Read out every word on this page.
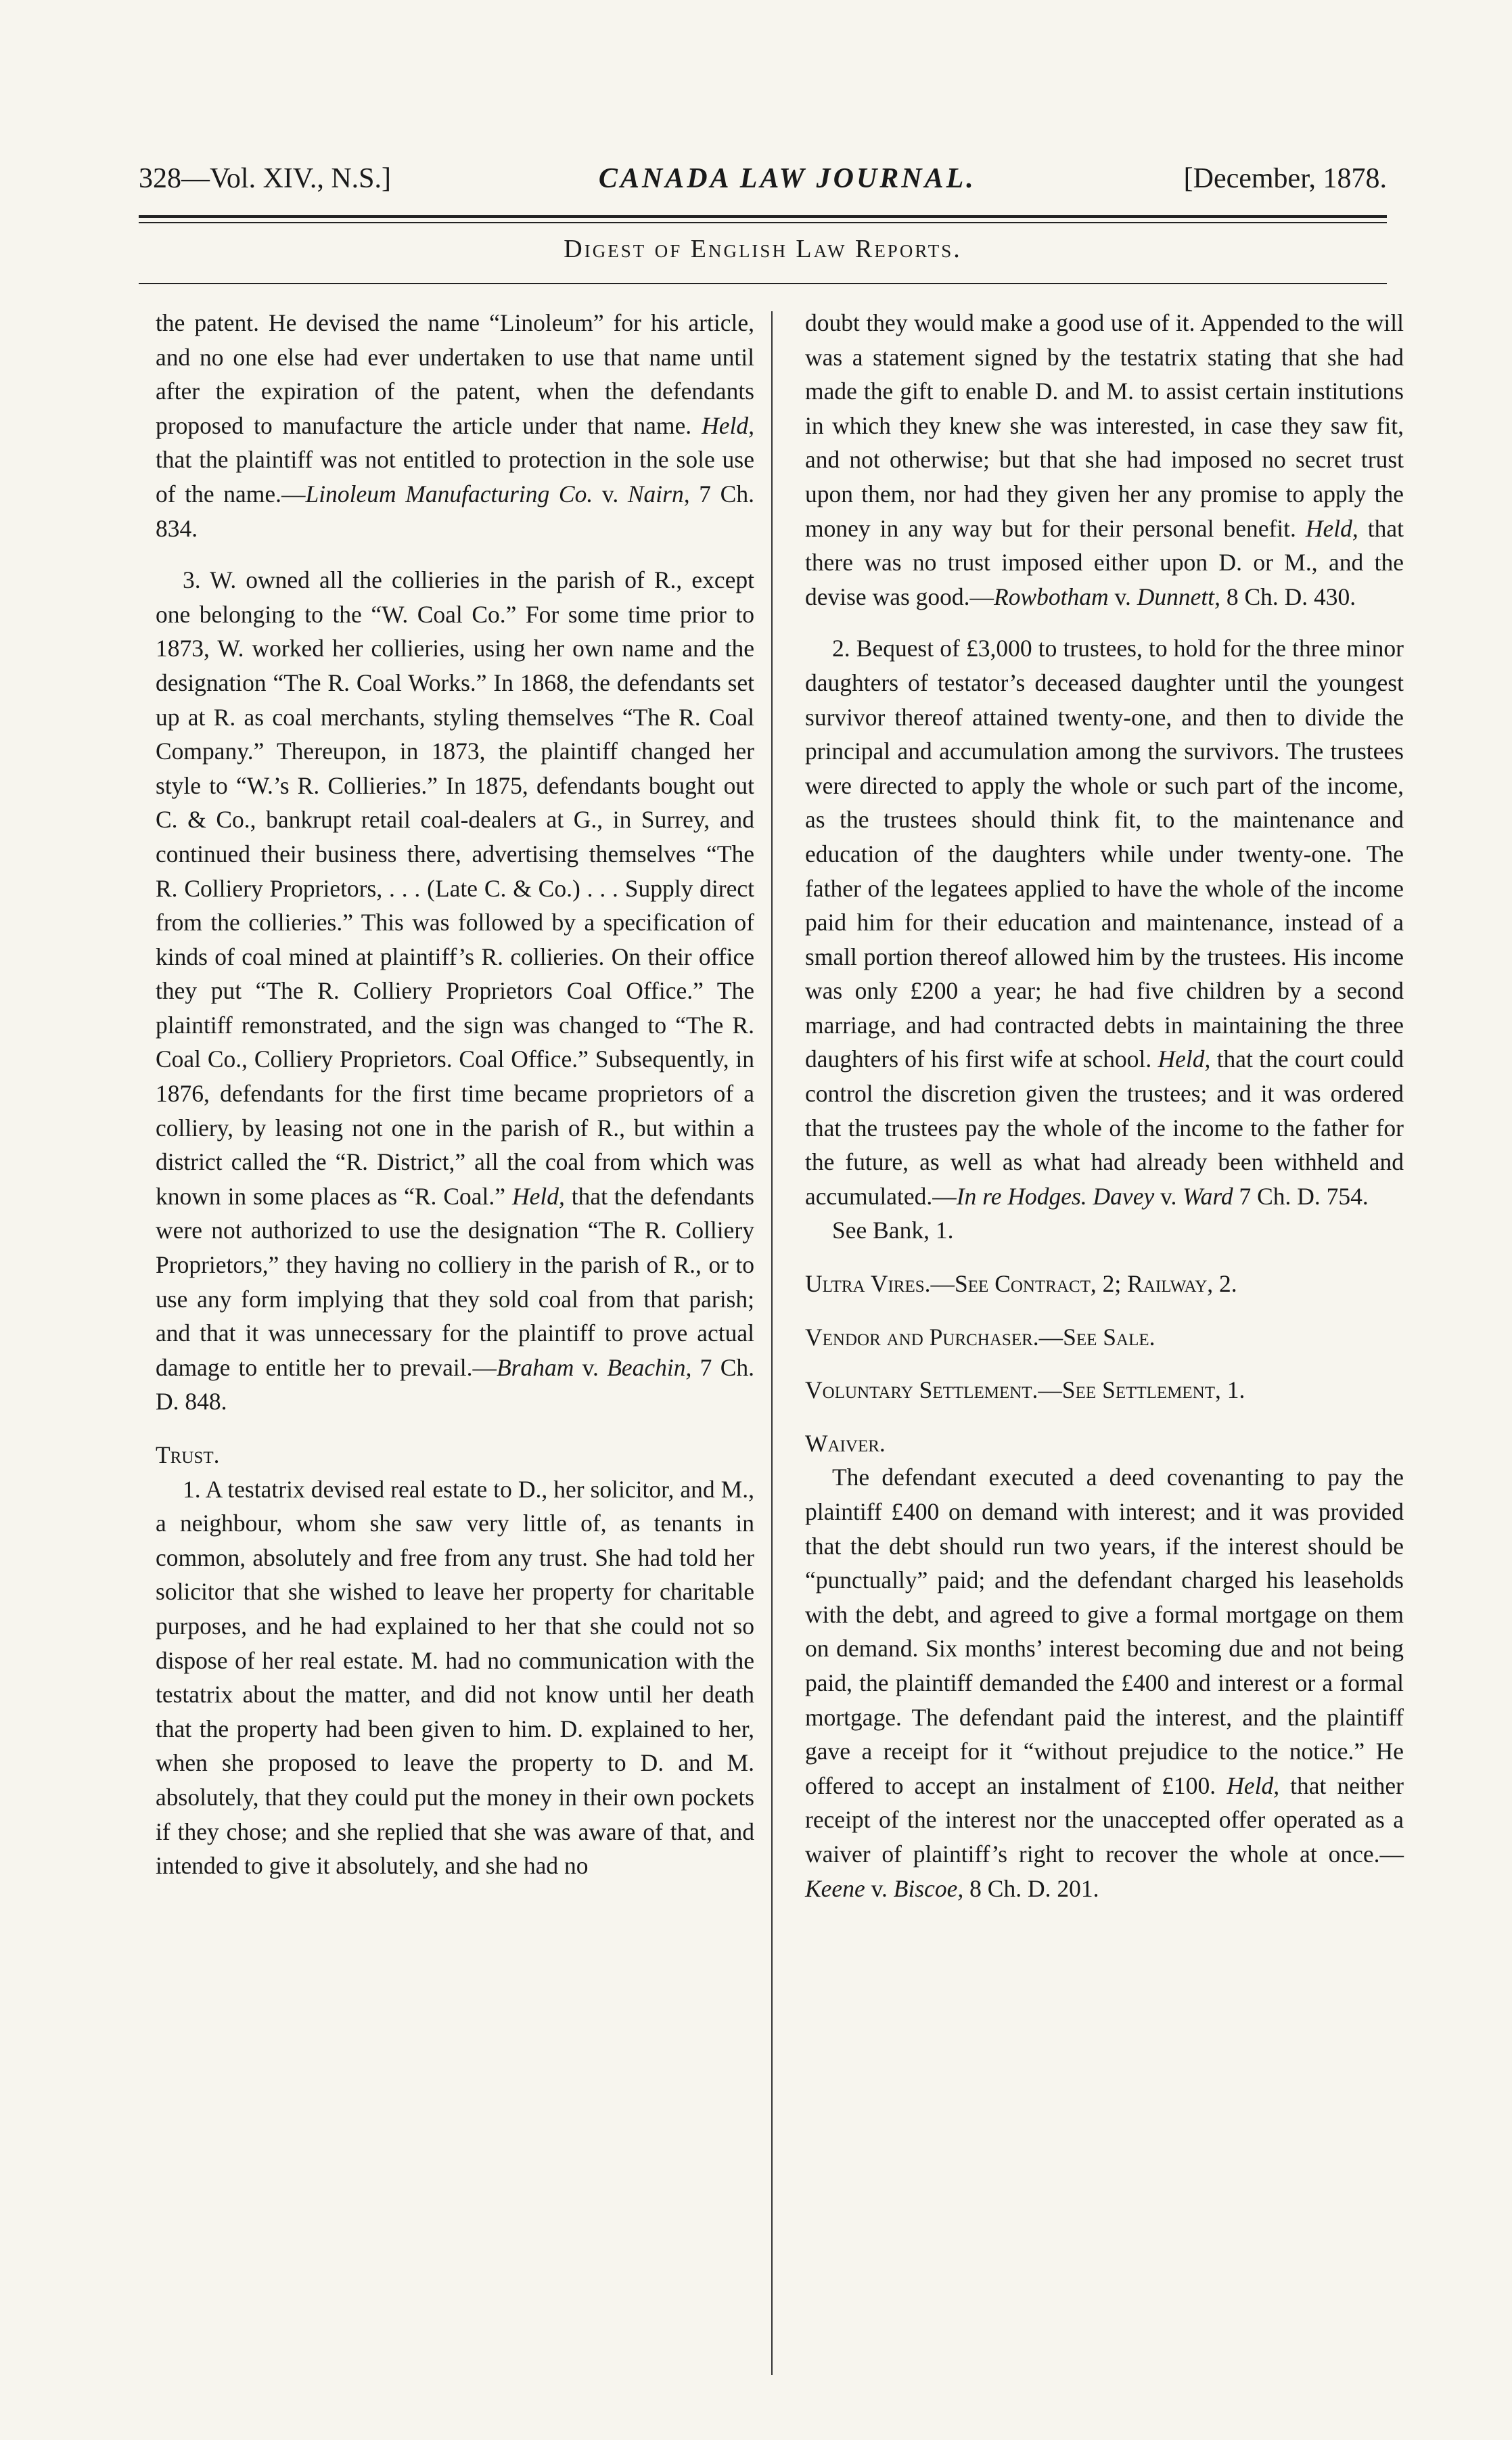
328—Vol. XIV., N.S.]	CANADA LAW JOURNAL.	[December, 1878.
Digest of English Law Reports.

the patent. He devised the name “Linoleum” for his article, and no one else had ever undertaken to use that name until after the expiration of the patent, when the defendants proposed to manufacture the article under that name. Held, that the plaintiff was not entitled to protection in the sole use of the name.—Linoleum Manufacturing Co. v. Nairn, 7 Ch. 834.

3. W. owned all the collieries in the parish of R., except one belonging to the “W. Coal Co.” For some time prior to 1873, W. worked her collieries, using her own name and the designation “The R. Coal Works.” In 1868, the defendants set up at R. as coal merchants, styling themselves “The R. Coal Company.” Thereupon, in 1873, the plaintiff changed her style to “W.’s R. Collieries.” In 1875, defendants bought out C. & Co., bankrupt retail coal-dealers at G., in Surrey, and continued their business there, advertising themselves “The R. Colliery Proprietors, . . . (Late C. & Co.) . . . Supply direct from the collieries.” This was followed by a specification of kinds of coal mined at plaintiff’s R. collieries. On their office they put “The R. Colliery Proprietors Coal Office.” The plaintiff remonstrated, and the sign was changed to “The R. Coal Co., Colliery Proprietors. Coal Office.” Subsequently, in 1876, defendants for the first time became proprietors of a colliery, by leasing not one in the parish of R., but within a district called the “R. District,” all the coal from which was known in some places as “R. Coal.” Held, that the defendants were not authorized to use the designation “The R. Colliery Proprietors,” they having no colliery in the parish of R., or to use any form implying that they sold coal from that parish; and that it was unnecessary for the plaintiff to prove actual damage to entitle her to prevail.—Braham v. Beachin, 7 Ch. D. 848.

Trust.

1. A testatrix devised real estate to D., her solicitor, and M., a neighbour, whom she saw very little of, as tenants in common, absolutely and free from any trust. She had told her solicitor that she wished to leave her property for charitable purposes, and he had explained to her that she could not so dispose of her real estate. M. had no communication with the testatrix about the matter, and did not know until her death that the property had been given to him. D. explained to her, when she proposed to leave the property to D. and M. absolutely, that they could put the money in their own pockets if they chose; and she replied that she was aware of that, and intended to give it absolutely, and she had no

doubt they would make a good use of it. Appended to the will was a statement signed by the testatrix stating that she had made the gift to enable D. and M. to assist certain institutions in which they knew she was interested, in case they saw fit, and not otherwise; but that she had imposed no secret trust upon them, nor had they given her any promise to apply the money in any way but for their personal benefit. Held, that there was no trust imposed either upon D. or M., and the devise was good.—Rowbotham v. Dunnett, 8 Ch. D. 430.

2. Bequest of £3,000 to trustees, to hold for the three minor daughters of testator’s deceased daughter until the youngest survivor thereof attained twenty-one, and then to divide the principal and accumulation among the survivors. The trustees were directed to apply the whole or such part of the income, as the trustees should think fit, to the maintenance and education of the daughters while under twenty-one. The father of the legatees applied to have the whole of the income paid him for their education and maintenance, instead of a small portion thereof allowed him by the trustees. His income was only £200 a year; he had five children by a second marriage, and had contracted debts in maintaining the three daughters of his first wife at school. Held, that the court could control the discretion given the trustees; and it was ordered that the trustees pay the whole of the income to the father for the future, as well as what had already been withheld and accumulated.—In re Hodges. Davey v. Ward 7 Ch. D. 754.

See Bank, 1.

Ultra Vires.—See Contract, 2; Railway, 2.

Vendor and Purchaser.—See Sale.

Voluntary Settlement.—See Settlement, 1.

Waiver.

The defendant executed a deed covenanting to pay the plaintiff £400 on demand with interest; and it was provided that the debt should run two years, if the interest should be “punctually” paid; and the defendant charged his leaseholds with the debt, and agreed to give a formal mortgage on them on demand. Six months’ interest becoming due and not being paid, the plaintiff demanded the £400 and interest or a formal mortgage. The defendant paid the interest, and the plaintiff gave a receipt for it “without prejudice to the notice.” He offered to accept an instalment of £100. Held, that neither receipt of the interest nor the unaccepted offer operated as a waiver of plaintiff’s right to recover the whole at once.—Keene v. Biscoe, 8 Ch. D. 201.
